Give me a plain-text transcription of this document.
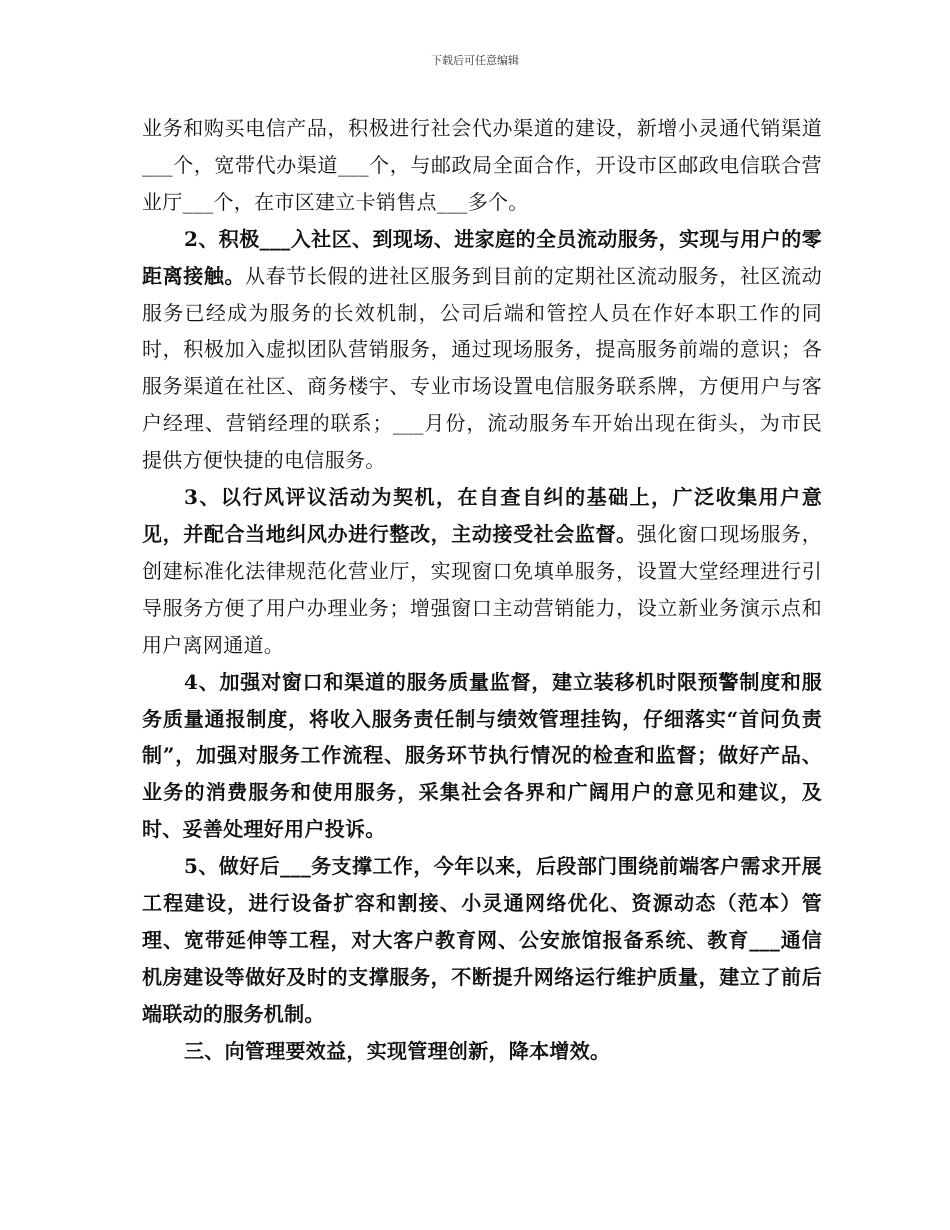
下载后可任意编辑

业务和购买电信产品，积极进行社会代办渠道的建设，新增小灵通代销渠道___个，宽带代办渠道___个，与邮政局全面合作，开设市区邮政电信联合营业厅___个，在市区建立卡销售点___多个。

2、积极___入社区、到现场、进家庭的全员流动服务，实现与用户的零距离接触。从春节长假的进社区服务到目前的定期社区流动服务，社区流动服务已经成为服务的长效机制，公司后端和管控人员在作好本职工作的同时，积极加入虚拟团队营销服务，通过现场服务，提高服务前端的意识；各服务渠道在社区、商务楼宇、专业市场设置电信服务联系牌，方便用户与客户经理、营销经理的联系；___月份，流动服务车开始出现在街头，为市民提供方便快捷的电信服务。

3、以行风评议活动为契机，在自查自纠的基础上，广泛收集用户意见，并配合当地纠风办进行整改，主动接受社会监督。强化窗口现场服务，创建标准化法律规范化营业厅，实现窗口免填单服务，设置大堂经理进行引导服务方便了用户办理业务；增强窗口主动营销能力，设立新业务演示点和用户离网通道。

4、加强对窗口和渠道的服务质量监督，建立装移机时限预警制度和服务质量通报制度，将收入服务责任制与绩效管理挂钩，仔细落实“首问负责制”，加强对服务工作流程、服务环节执行情况的检查和监督；做好产品、业务的消费服务和使用服务，采集社会各界和广阔用户的意见和建议，及时、妥善处理好用户投诉。

5、做好后___务支撑工作，今年以来，后段部门围绕前端客户需求开展工程建设，进行设备扩容和割接、小灵通网络优化、资源动态（范本）管理、宽带延伸等工程，对大客户教育网、公安旅馆报备系统、教育___通信机房建设等做好及时的支撑服务，不断提升网络运行维护质量，建立了前后端联动的服务机制。

三、向管理要效益，实现管理创新，降本增效。
